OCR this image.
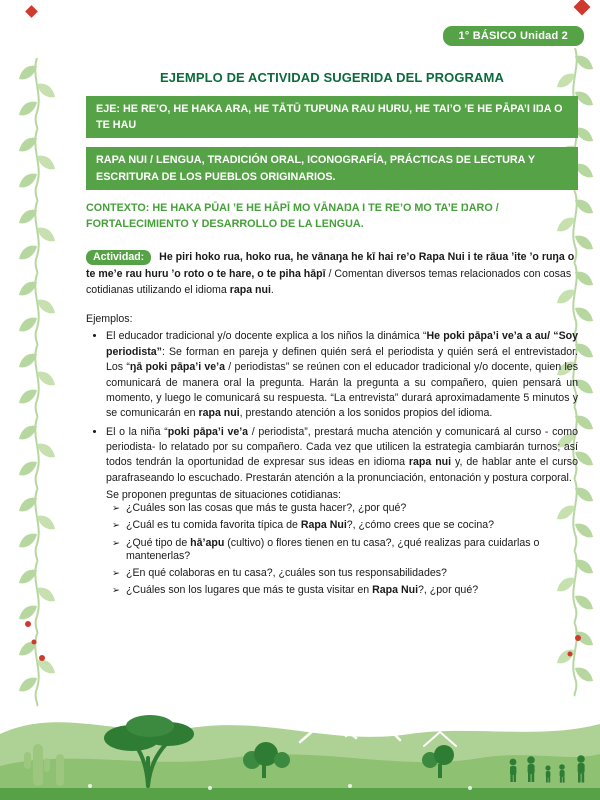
1° BÁSICO Unidad 2
EJEMPLO DE ACTIVIDAD SUGERIDA DEL PROGRAMA
EJE: HE RE’O, HE HAKA ARA, HE TĀTŪ TUPUNA RAU HURU, HE TAI’O ’E HE PĀPA’I IŊA O TE HAU
RAPA NUI / LENGUA, TRADICIÓN ORAL, ICONOGRAFÍA, PRÁCTICAS DE LECTURA Y ESCRITURA DE LOS PUEBLOS ORIGINARIOS.

CONTEXTO: HE HAKA PŪAI ’E HE HĀPĪ MO VĀNAŊA I TE RE’O MO TA’E ŊARO / FORTALECIMIENTO Y DESARROLLO DE LA LENGUA.

Actividad: He piri hoko rua, hoko rua, he vānaŋa he kī hai re’o Rapa Nui i te rāua ’ite ’o ruŋa o te me’e rau huru ’o roto o te hare, o te piha hāpī / Comentan diversos temas relacionados con cosas cotidianas utilizando el idioma rapa nui.

Ejemplos:

• El educador tradicional y/o docente explica a los niños la dinámica “He poki pāpa’i ve’a a au/ “Soy periodista”: Se forman en pareja y definen quién será el periodista y quién será el entrevistador. Los “ŋā poki pāpa’i ve’a / periodistas” se reúnen con el educador tradicional y/o docente, quien les comunicará de manera oral la pregunta. Harán la pregunta a su compañero, quien pensará un momento, y luego le comunicará su respuesta. “La entrevista” durará aproximadamente 5 minutos y se comunicarán en rapa nui, prestando atención a los sonidos propios del idioma.
• El o la niña “poki pāpa’i ve’a / periodista”, prestará mucha atención y comunicará al curso - como periodista- lo relatado por su compañero. Cada vez que utilicen la estrategia cambiarán turnos; así todos tendrán la oportunidad de expresar sus ideas en idioma rapa nui y, de hablar ante el curso parafraseando lo escuchado. Prestarán atención a la pronunciación, entonación y postura corporal.

Se proponen preguntas de situaciones cotidianas:

➢ ¿Cuáles son las cosas que más te gusta hacer?, ¿por qué?
➢ ¿Cuál es tu comida favorita típica de Rapa Nui?, ¿cómo crees que se cocina?
➢ ¿Qué tipo de hā’apu (cultivo) o flores tienen en tu casa?, ¿qué realizas para cuidarlas o mantenerlas?
➢ ¿En qué colaboras en tu casa?, ¿cuáles son tus responsabilidades?
➢ ¿Cuáles son los lugares que más te gusta visitar en Rapa Nui?, ¿por qué?
